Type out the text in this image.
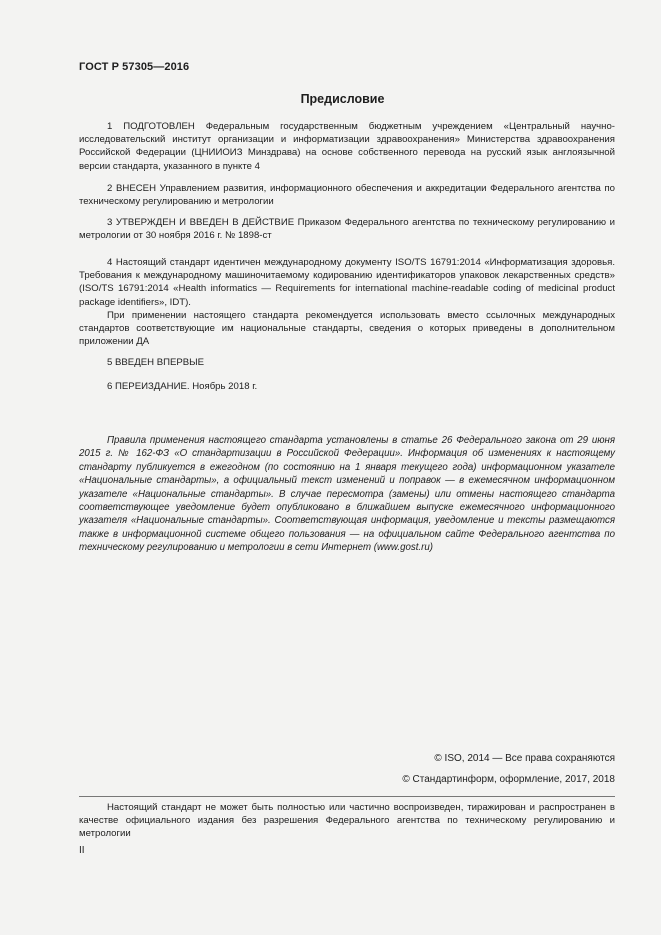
ГОСТ Р 57305—2016
Предисловие

1 ПОДГОТОВЛЕН Федеральным государственным бюджетным учреждением «Центральный научно-исследовательский институт организации и информатизации здравоохранения» Министерства здравоохранения Российской Федерации (ЦНИИОИЗ Минздрава) на основе собственного перевода на русский язык англоязычной версии стандарта, указанного в пункте 4

2 ВНЕСЕН Управлением развития, информационного обеспечения и аккредитации Федерального агентства по техническому регулированию и метрологии

3 УТВЕРЖДЕН И ВВЕДЕН В ДЕЙСТВИЕ Приказом Федерального агентства по техническому регулированию и метрологии от 30 ноября 2016 г. № 1898-ст

4 Настоящий стандарт идентичен международному документу ISO/TS 16791:2014 «Информатизация здоровья. Требования к международному машиночитаемому кодированию идентификаторов упаковок лекарственных средств» (ISO/TS 16791:2014 «Health informatics — Requirements for international machine-readable coding of medicinal product package identifiers», IDT).

При применении настоящего стандарта рекомендуется использовать вместо ссылочных международных стандартов соответствующие им национальные стандарты, сведения о которых приведены в дополнительном приложении ДА

5 ВВЕДЕН ВПЕРВЫЕ

6 ПЕРЕИЗДАНИЕ. Ноябрь 2018 г.

Правила применения настоящего стандарта установлены в статье 26 Федерального закона от 29 июня 2015 г. № 162-ФЗ «О стандартизации в Российской Федерации». Информация об изменениях к настоящему стандарту публикуется в ежегодном (по состоянию на 1 января текущего года) информационном указателе «Национальные стандарты», а официальный текст изменений и поправок — в ежемесячном информационном указателе «Национальные стандарты». В случае пересмотра (замены) или отмены настоящего стандарта соответствующее уведомление будет опубликовано в ближайшем выпуске ежемесячного информационного указателя «Национальные стандарты». Соответствующая информация, уведомление и тексты размещаются также в информационной системе общего пользования — на официальном сайте Федерального агентства по техническому регулированию и метрологии в сети Интернет (www.gost.ru)

© ISO, 2014 — Все права сохраняются
© Стандартинформ, оформление, 2017, 2018

Настоящий стандарт не может быть полностью или частично воспроизведен, тиражирован и распространен в качестве официального издания без разрешения Федерального агентства по техническому регулированию и метрологии

II
